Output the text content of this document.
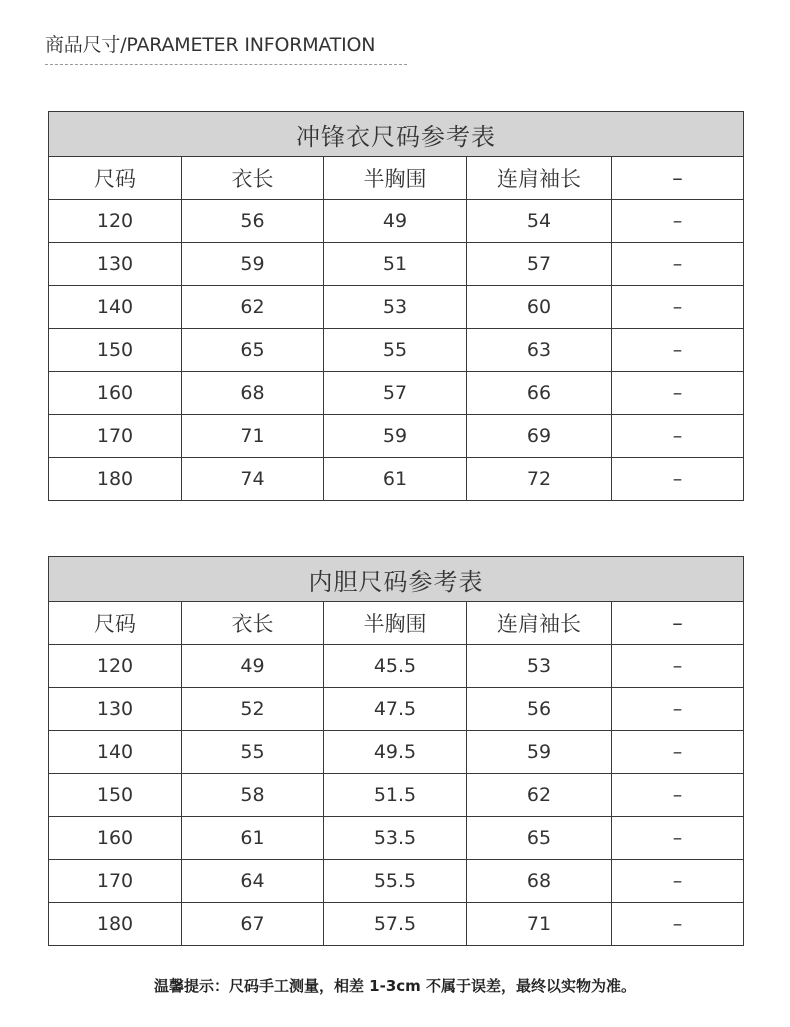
商品尺寸/PARAMETER INFORMATION
冲锋衣尺码参考表				
尺码	衣长	半胸围	连肩袖长	–
120	56	49	54	–
130	59	51	57	–
140	62	53	60	–
150	65	55	63	–
160	68	57	66	–
170	71	59	69	–
180	74	61	72	–
内胆尺码参考表				
尺码	衣长	半胸围	连肩袖长	–
120	49	45.5	53	–
130	52	47.5	56	–
140	55	49.5	59	–
150	58	51.5	62	–
160	61	53.5	65	–
170	64	55.5	68	–
180	67	57.5	71	–
温馨提示：尺码手工测量，相差 1-3cm 不属于误差，最终以实物为准。
